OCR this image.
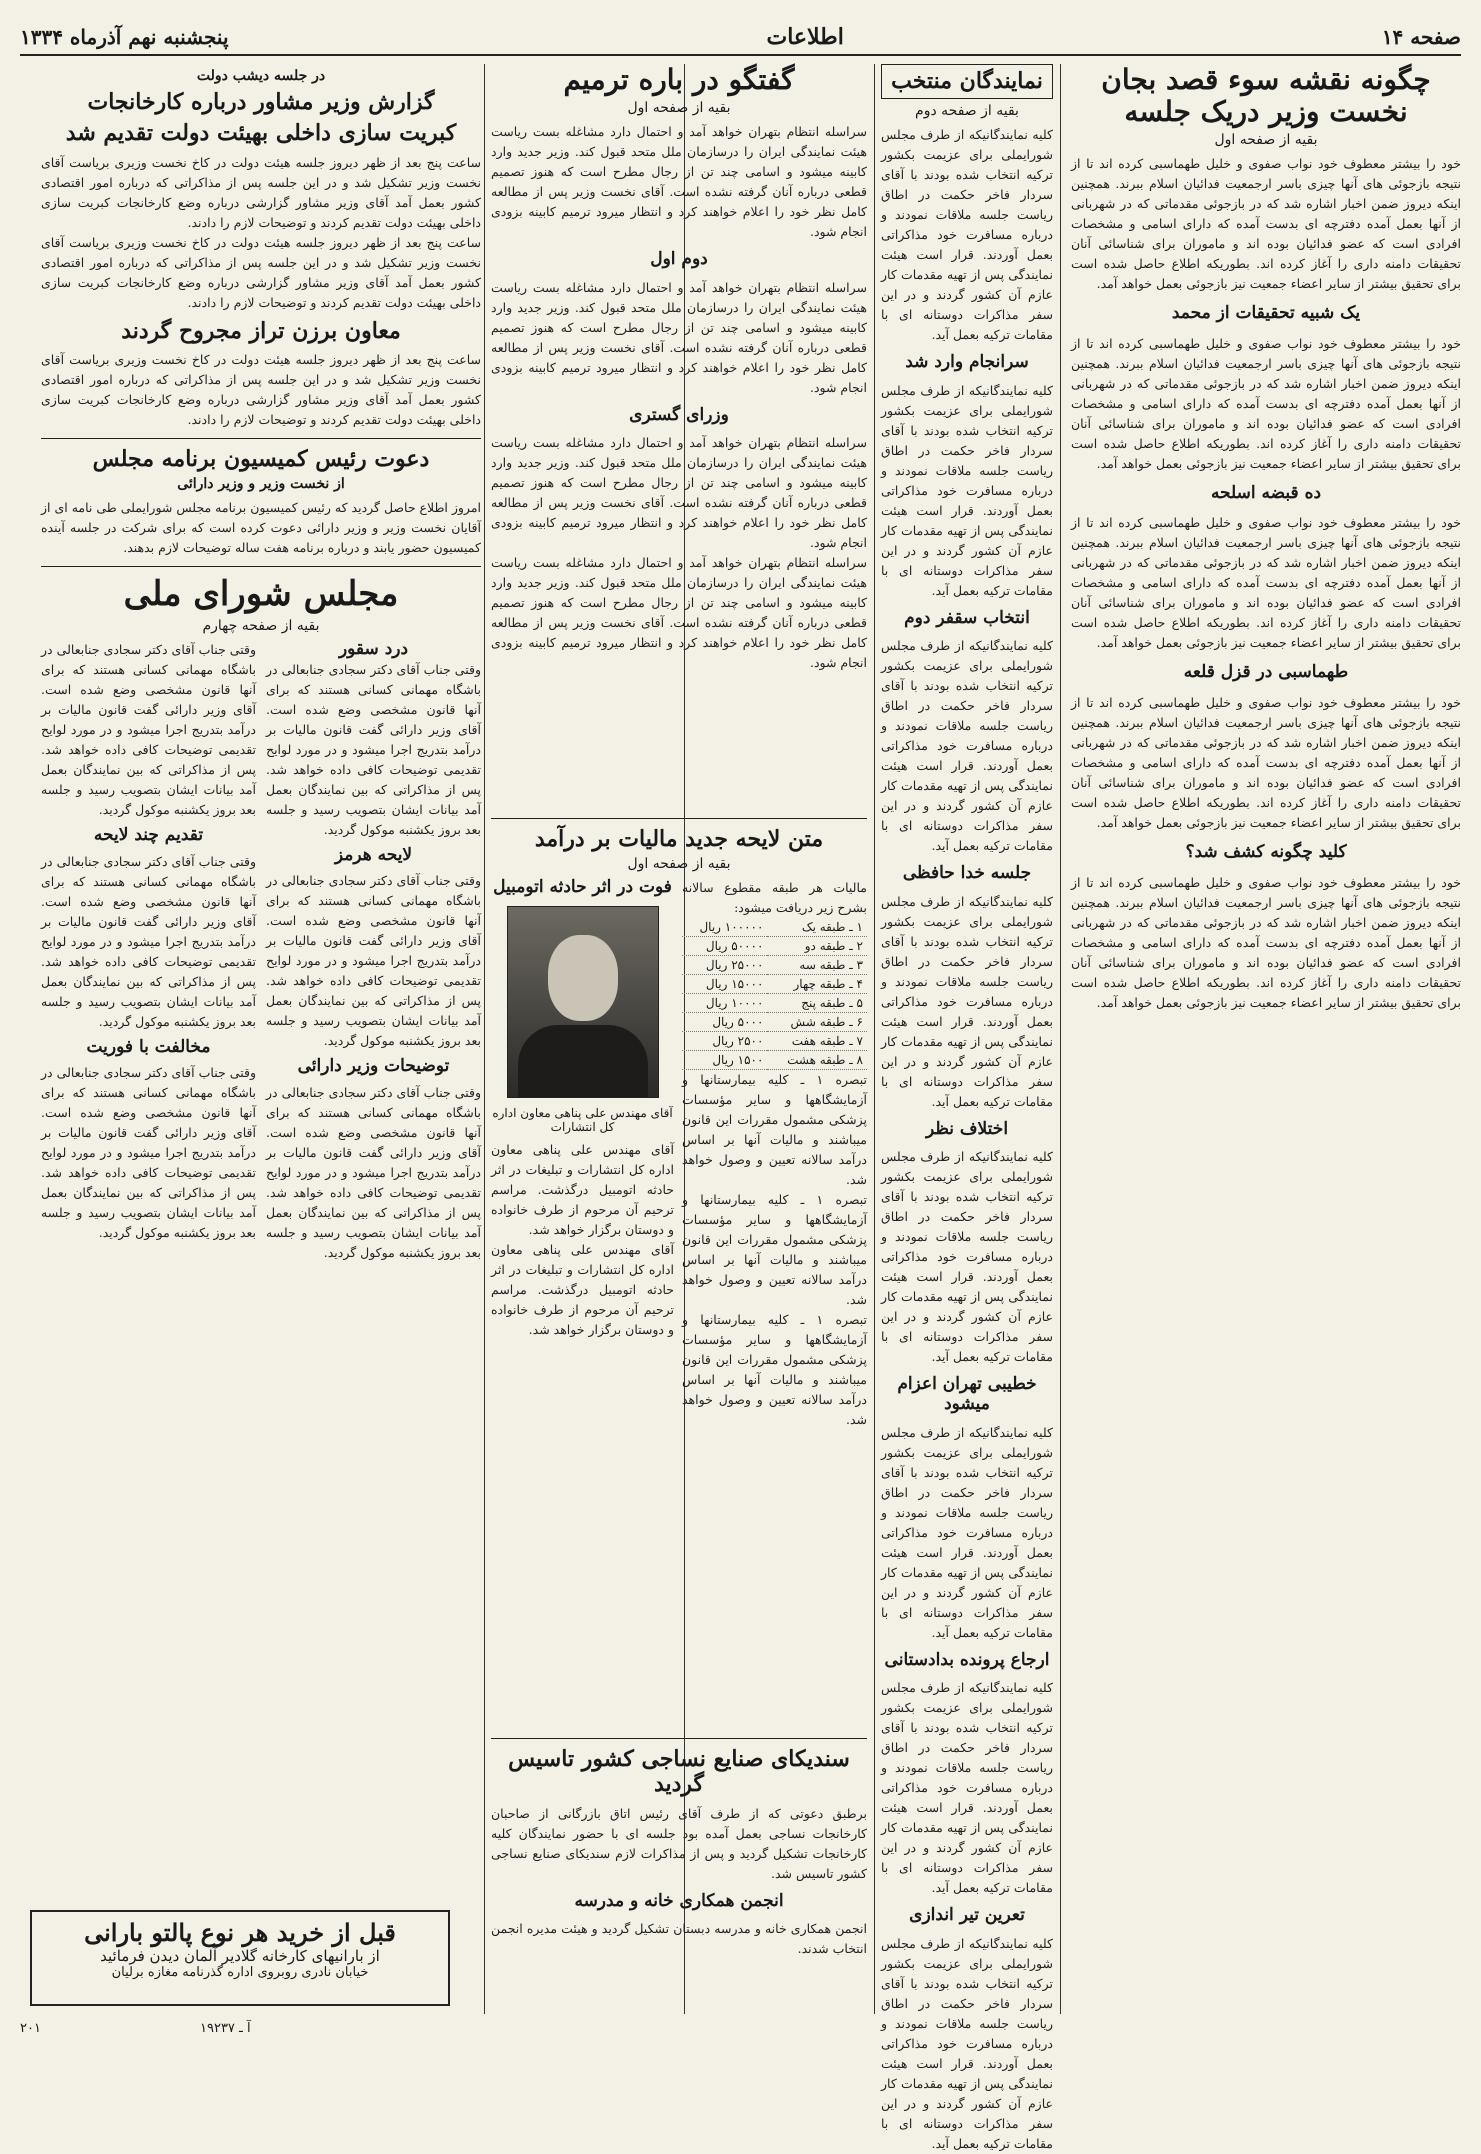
صفحه ۱۴
اطلاعات
پنجشنبه نهم آذرماه ۱۳۳۴
چگونه نقشه سوء قصد بجان نخست وزیر دریک جلسه
بقیه از صفحه اول
خود را بیشتر معطوف خود نواب صفوی و خلیل طهماسبی کرده اند تا از نتیجه بازجوئی های آنها چیزی باسر ارجمعیت فدائیان اسلام ببرند. همچنین اینکه دیروز ضمن اخبار اشاره شد که در بازجوئی مقدماتی که در شهربانی از آنها بعمل آمده دفترچه ای بدست آمده که دارای اسامی و مشخصات افرادی است که عضو فدائیان بوده اند و ماموران برای شناسائی آنان تحقیقات دامنه داری را آغاز کرده اند. بطوریکه اطلاع حاصل شده است برای تحقیق بیشتر از سایر اعضاء جمعیت نیز بازجوئی بعمل خواهد آمد.
یک شبیه تحقیقات از محمد
خود را بیشتر معطوف خود نواب صفوی و خلیل طهماسبی کرده اند تا از نتیجه بازجوئی های آنها چیزی باسر ارجمعیت فدائیان اسلام ببرند. همچنین اینکه دیروز ضمن اخبار اشاره شد که در بازجوئی مقدماتی که در شهربانی از آنها بعمل آمده دفترچه ای بدست آمده که دارای اسامی و مشخصات افرادی است که عضو فدائیان بوده اند و ماموران برای شناسائی آنان تحقیقات دامنه داری را آغاز کرده اند. بطوریکه اطلاع حاصل شده است برای تحقیق بیشتر از سایر اعضاء جمعیت نیز بازجوئی بعمل خواهد آمد.
ده قبضه اسلحه
خود را بیشتر معطوف خود نواب صفوی و خلیل طهماسبی کرده اند تا از نتیجه بازجوئی های آنها چیزی باسر ارجمعیت فدائیان اسلام ببرند. همچنین اینکه دیروز ضمن اخبار اشاره شد که در بازجوئی مقدماتی که در شهربانی از آنها بعمل آمده دفترچه ای بدست آمده که دارای اسامی و مشخصات افرادی است که عضو فدائیان بوده اند و ماموران برای شناسائی آنان تحقیقات دامنه داری را آغاز کرده اند. بطوریکه اطلاع حاصل شده است برای تحقیق بیشتر از سایر اعضاء جمعیت نیز بازجوئی بعمل خواهد آمد.
طهماسبی در قزل قلعه
خود را بیشتر معطوف خود نواب صفوی و خلیل طهماسبی کرده اند تا از نتیجه بازجوئی های آنها چیزی باسر ارجمعیت فدائیان اسلام ببرند. همچنین اینکه دیروز ضمن اخبار اشاره شد که در بازجوئی مقدماتی که در شهربانی از آنها بعمل آمده دفترچه ای بدست آمده که دارای اسامی و مشخصات افرادی است که عضو فدائیان بوده اند و ماموران برای شناسائی آنان تحقیقات دامنه داری را آغاز کرده اند. بطوریکه اطلاع حاصل شده است برای تحقیق بیشتر از سایر اعضاء جمعیت نیز بازجوئی بعمل خواهد آمد.
کلید چگونه کشف شد؟
خود را بیشتر معطوف خود نواب صفوی و خلیل طهماسبی کرده اند تا از نتیجه بازجوئی های آنها چیزی باسر ارجمعیت فدائیان اسلام ببرند. همچنین اینکه دیروز ضمن اخبار اشاره شد که در بازجوئی مقدماتی که در شهربانی از آنها بعمل آمده دفترچه ای بدست آمده که دارای اسامی و مشخصات افرادی است که عضو فدائیان بوده اند و ماموران برای شناسائی آنان تحقیقات دامنه داری را آغاز کرده اند. بطوریکه اطلاع حاصل شده است برای تحقیق بیشتر از سایر اعضاء جمعیت نیز بازجوئی بعمل خواهد آمد.
نمایندگان منتخب
بقیه از صفحه دوم
کلیه نمایندگانیکه از طرف مجلس شورایملی برای عزیمت بکشور ترکیه انتخاب شده بودند با آقای سردار فاخر حکمت در اطاق ریاست جلسه ملاقات نمودند و درباره مسافرت خود مذاکراتی بعمل آوردند. قرار است هیئت نمایندگی پس از تهیه مقدمات کار عازم آن کشور گردند و در این سفر مذاکرات دوستانه ای با مقامات ترکیه بعمل آید.
سرانجام وارد شد
کلیه نمایندگانیکه از طرف مجلس شورایملی برای عزیمت بکشور ترکیه انتخاب شده بودند با آقای سردار فاخر حکمت در اطاق ریاست جلسه ملاقات نمودند و درباره مسافرت خود مذاکراتی بعمل آوردند. قرار است هیئت نمایندگی پس از تهیه مقدمات کار عازم آن کشور گردند و در این سفر مذاکرات دوستانه ای با مقامات ترکیه بعمل آید.
انتخاب سقفر دوم
کلیه نمایندگانیکه از طرف مجلس شورایملی برای عزیمت بکشور ترکیه انتخاب شده بودند با آقای سردار فاخر حکمت در اطاق ریاست جلسه ملاقات نمودند و درباره مسافرت خود مذاکراتی بعمل آوردند. قرار است هیئت نمایندگی پس از تهیه مقدمات کار عازم آن کشور گردند و در این سفر مذاکرات دوستانه ای با مقامات ترکیه بعمل آید.
جلسه خدا حافظی
کلیه نمایندگانیکه از طرف مجلس شورایملی برای عزیمت بکشور ترکیه انتخاب شده بودند با آقای سردار فاخر حکمت در اطاق ریاست جلسه ملاقات نمودند و درباره مسافرت خود مذاکراتی بعمل آوردند. قرار است هیئت نمایندگی پس از تهیه مقدمات کار عازم آن کشور گردند و در این سفر مذاکرات دوستانه ای با مقامات ترکیه بعمل آید.
اختلاف نظر
کلیه نمایندگانیکه از طرف مجلس شورایملی برای عزیمت بکشور ترکیه انتخاب شده بودند با آقای سردار فاخر حکمت در اطاق ریاست جلسه ملاقات نمودند و درباره مسافرت خود مذاکراتی بعمل آوردند. قرار است هیئت نمایندگی پس از تهیه مقدمات کار عازم آن کشور گردند و در این سفر مذاکرات دوستانه ای با مقامات ترکیه بعمل آید.
خطیبی تهران اعزام میشود
کلیه نمایندگانیکه از طرف مجلس شورایملی برای عزیمت بکشور ترکیه انتخاب شده بودند با آقای سردار فاخر حکمت در اطاق ریاست جلسه ملاقات نمودند و درباره مسافرت خود مذاکراتی بعمل آوردند. قرار است هیئت نمایندگی پس از تهیه مقدمات کار عازم آن کشور گردند و در این سفر مذاکرات دوستانه ای با مقامات ترکیه بعمل آید.
ارجاع پرونده بدادستانی
کلیه نمایندگانیکه از طرف مجلس شورایملی برای عزیمت بکشور ترکیه انتخاب شده بودند با آقای سردار فاخر حکمت در اطاق ریاست جلسه ملاقات نمودند و درباره مسافرت خود مذاکراتی بعمل آوردند. قرار است هیئت نمایندگی پس از تهیه مقدمات کار عازم آن کشور گردند و در این سفر مذاکرات دوستانه ای با مقامات ترکیه بعمل آید.
تعرین تیر اندازی
کلیه نمایندگانیکه از طرف مجلس شورایملی برای عزیمت بکشور ترکیه انتخاب شده بودند با آقای سردار فاخر حکمت در اطاق ریاست جلسه ملاقات نمودند و درباره مسافرت خود مذاکراتی بعمل آوردند. قرار است هیئت نمایندگی پس از تهیه مقدمات کار عازم آن کشور گردند و در این سفر مذاکرات دوستانه ای با مقامات ترکیه بعمل آید.
گفتگو در باره ترمیم
بقیه از صفحه اول
سراسله انتظام بتهران خواهد آمد و احتمال دارد مشاغله بست ریاست هیئت نمایندگی ایران را درسازمان ملل متحد قبول کند. وزیر جدید وارد کابینه میشود و اسامی چند تن از رجال مطرح است که هنوز تصمیم قطعی درباره آنان گرفته نشده است. آقای نخست وزیر پس از مطالعه کامل نظر خود را اعلام خواهند کرد و انتظار میرود ترمیم کابینه بزودی انجام شود.
دوم اول
سراسله انتظام بتهران خواهد آمد و احتمال دارد مشاغله بست ریاست هیئت نمایندگی ایران را درسازمان ملل متحد قبول کند. وزیر جدید وارد کابینه میشود و اسامی چند تن از رجال مطرح است که هنوز تصمیم قطعی درباره آنان گرفته نشده است. آقای نخست وزیر پس از مطالعه کامل نظر خود را اعلام خواهند کرد و انتظار میرود ترمیم کابینه بزودی انجام شود.
وزرای گستری
سراسله انتظام بتهران خواهد آمد و احتمال دارد مشاغله بست ریاست هیئت نمایندگی ایران را درسازمان ملل متحد قبول کند. وزیر جدید وارد کابینه میشود و اسامی چند تن از رجال مطرح است که هنوز تصمیم قطعی درباره آنان گرفته نشده است. آقای نخست وزیر پس از مطالعه کامل نظر خود را اعلام خواهند کرد و انتظار میرود ترمیم کابینه بزودی انجام شود.
سراسله انتظام بتهران خواهد آمد و احتمال دارد مشاغله بست ریاست هیئت نمایندگی ایران را درسازمان ملل متحد قبول کند. وزیر جدید وارد کابینه میشود و اسامی چند تن از رجال مطرح است که هنوز تصمیم قطعی درباره آنان گرفته نشده است. آقای نخست وزیر پس از مطالعه کامل نظر خود را اعلام خواهند کرد و انتظار میرود ترمیم کابینه بزودی انجام شود.
متن لایحه جدید مالیات بر درآمد
بقیه از صفحه اول
مالیات هر طبقه مقطوع سالانه بشرح زیر دریافت میشود:
۱ ـ طبقه یک	۱۰۰۰۰۰ ریال
۲ ـ طبقه دو	۵۰۰۰۰ ریال
۳ ـ طبقه سه	۲۵۰۰۰ ریال
۴ ـ طبقه چهار	۱۵۰۰۰ ریال
۵ ـ طبقه پنج	۱۰۰۰۰ ریال
۶ ـ طبقه شش	۵۰۰۰ ریال
۷ ـ طبقه هفت	۲۵۰۰ ریال
۸ ـ طبقه هشت	۱۵۰۰ ریال
تبصره ۱ ـ کلیه بیمارستانها و آزمایشگاهها و سایر مؤسسات پزشکی مشمول مقررات این قانون میباشند و مالیات آنها بر اساس درآمد سالانه تعیین و وصول خواهد شد.
تبصره ۱ ـ کلیه بیمارستانها و آزمایشگاهها و سایر مؤسسات پزشکی مشمول مقررات این قانون میباشند و مالیات آنها بر اساس درآمد سالانه تعیین و وصول خواهد شد.
تبصره ۱ ـ کلیه بیمارستانها و آزمایشگاهها و سایر مؤسسات پزشکی مشمول مقررات این قانون میباشند و مالیات آنها بر اساس درآمد سالانه تعیین و وصول خواهد شد.
فوت در اثر حادثه اتومبیل
آقای مهندس علی پناهی معاون اداره کل انتشارات
آقای مهندس علی پناهی معاون اداره کل انتشارات و تبلیغات در اثر حادثه اتومبیل درگذشت. مراسم ترحیم آن مرحوم از طرف خانواده و دوستان برگزار خواهد شد.
آقای مهندس علی پناهی معاون اداره کل انتشارات و تبلیغات در اثر حادثه اتومبیل درگذشت. مراسم ترحیم آن مرحوم از طرف خانواده و دوستان برگزار خواهد شد.
سندیکای صنایع نساجی کشور تاسیس گردید
برطبق دعوتی که از طرف آقای رئیس اتاق بازرگانی از صاحبان کارخانجات نساجی بعمل آمده بود جلسه ای با حضور نمایندگان کلیه کارخانجات تشکیل گردید و پس از مذاکرات لازم سندیکای صنایع نساجی کشور تاسیس شد.
انجمن همکاری خانه و مدرسه
انجمن همکاری خانه و مدرسه دبستان تشکیل گردید و هیئت مدیره انجمن انتخاب شدند.
در جلسه دیشب دولت
گزارش وزیر مشاور درباره کارخانجات
کبریت سازی داخلی بهیئت دولت تقدیم شد
ساعت پنج بعد از ظهر دیروز جلسه هیئت دولت در کاخ نخست وزیری بریاست آقای نخست وزیر تشکیل شد و در این جلسه پس از مذاکراتی که درباره امور اقتصادی کشور بعمل آمد آقای وزیر مشاور گزارشی درباره وضع کارخانجات کبریت سازی داخلی بهیئت دولت تقدیم کردند و توضیحات لازم را دادند.
ساعت پنج بعد از ظهر دیروز جلسه هیئت دولت در کاخ نخست وزیری بریاست آقای نخست وزیر تشکیل شد و در این جلسه پس از مذاکراتی که درباره امور اقتصادی کشور بعمل آمد آقای وزیر مشاور گزارشی درباره وضع کارخانجات کبریت سازی داخلی بهیئت دولت تقدیم کردند و توضیحات لازم را دادند.
معاون برزن تراز مجروح گردند
ساعت پنج بعد از ظهر دیروز جلسه هیئت دولت در کاخ نخست وزیری بریاست آقای نخست وزیر تشکیل شد و در این جلسه پس از مذاکراتی که درباره امور اقتصادی کشور بعمل آمد آقای وزیر مشاور گزارشی درباره وضع کارخانجات کبریت سازی داخلی بهیئت دولت تقدیم کردند و توضیحات لازم را دادند.
دعوت رئیس کمیسیون برنامه مجلس
از نخست وزیر و وزیر دارائی
امروز اطلاع حاصل گردید که رئیس کمیسیون برنامه مجلس شورایملی طی نامه ای از آقایان نخست وزیر و وزیر دارائی دعوت کرده است که برای شرکت در جلسه آینده کمیسیون حضور یابند و درباره برنامه هفت ساله توضیحات لازم بدهند.
مجلس شورای ملی
بقیه از صفحه چهارم
درد سقور
وقتی جناب آقای دکتر سجادی جنابعالی در باشگاه مهمانی کسانی هستند که برای آنها قانون مشخصی وضع شده است. آقای وزیر دارائی گفت قانون مالیات بر درآمد بتدریج اجرا میشود و در مورد لوایح تقدیمی توضیحات کافی داده خواهد شد. پس از مذاکراتی که بین نمایندگان بعمل آمد بیانات ایشان بتصویب رسید و جلسه بعد بروز یکشنبه موکول گردید.
لایحه هرمز
وقتی جناب آقای دکتر سجادی جنابعالی در باشگاه مهمانی کسانی هستند که برای آنها قانون مشخصی وضع شده است. آقای وزیر دارائی گفت قانون مالیات بر درآمد بتدریج اجرا میشود و در مورد لوایح تقدیمی توضیحات کافی داده خواهد شد. پس از مذاکراتی که بین نمایندگان بعمل آمد بیانات ایشان بتصویب رسید و جلسه بعد بروز یکشنبه موکول گردید.
توضیحات وزیر دارائی
وقتی جناب آقای دکتر سجادی جنابعالی در باشگاه مهمانی کسانی هستند که برای آنها قانون مشخصی وضع شده است. آقای وزیر دارائی گفت قانون مالیات بر درآمد بتدریج اجرا میشود و در مورد لوایح تقدیمی توضیحات کافی داده خواهد شد. پس از مذاکراتی که بین نمایندگان بعمل آمد بیانات ایشان بتصویب رسید و جلسه بعد بروز یکشنبه موکول گردید.
وقتی جناب آقای دکتر سجادی جنابعالی در باشگاه مهمانی کسانی هستند که برای آنها قانون مشخصی وضع شده است. آقای وزیر دارائی گفت قانون مالیات بر درآمد بتدریج اجرا میشود و در مورد لوایح تقدیمی توضیحات کافی داده خواهد شد. پس از مذاکراتی که بین نمایندگان بعمل آمد بیانات ایشان بتصویب رسید و جلسه بعد بروز یکشنبه موکول گردید.
تقدیم چند لایحه
وقتی جناب آقای دکتر سجادی جنابعالی در باشگاه مهمانی کسانی هستند که برای آنها قانون مشخصی وضع شده است. آقای وزیر دارائی گفت قانون مالیات بر درآمد بتدریج اجرا میشود و در مورد لوایح تقدیمی توضیحات کافی داده خواهد شد. پس از مذاکراتی که بین نمایندگان بعمل آمد بیانات ایشان بتصویب رسید و جلسه بعد بروز یکشنبه موکول گردید.
مخالفت با فوریت
وقتی جناب آقای دکتر سجادی جنابعالی در باشگاه مهمانی کسانی هستند که برای آنها قانون مشخصی وضع شده است. آقای وزیر دارائی گفت قانون مالیات بر درآمد بتدریج اجرا میشود و در مورد لوایح تقدیمی توضیحات کافی داده خواهد شد. پس از مذاکراتی که بین نمایندگان بعمل آمد بیانات ایشان بتصویب رسید و جلسه بعد بروز یکشنبه موکول گردید.
قبل از خرید هر نوع پالتو بارانی
از بارانیهای کارخانه گلادیر آلمان دیدن فرمائید
خیابان نادری روبروی اداره گذرنامه مغازه برلیان
۲۰۱	آ ـ ۱۹۲۳۷
